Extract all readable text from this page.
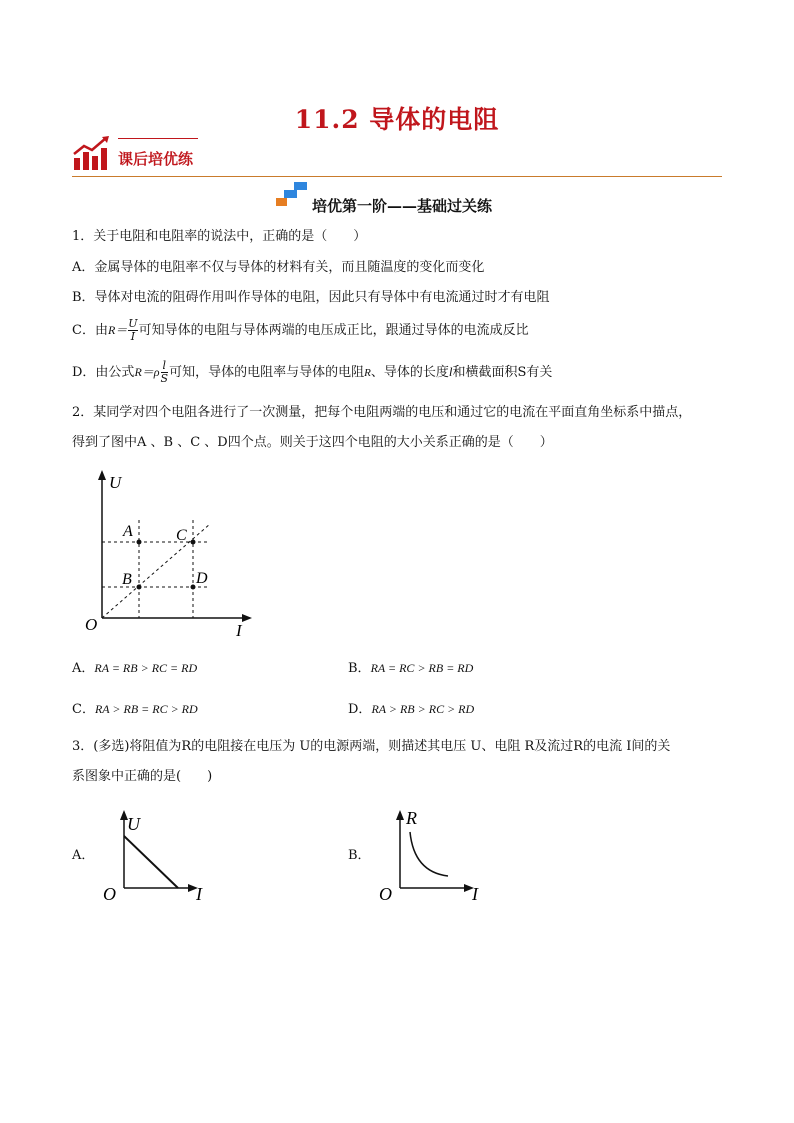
11.2 导体的电阻
课后培优练
培优第一阶——基础过关练
1．关于电阻和电阻率的说法中，正确的是（　　）
A．金属导体的电阻率不仅与导体的材料有关，而且随温度的变化而变化
B．导体对电流的阻碍作用叫作导体的电阻，因此只有导体中有电流通过时才有电阻
C．由$R= \frac{U}{I}$ 可知导体的电阻与导体两端的电压成正比，跟通过导体的电流成反比
D．由公式$R=\rho \frac{l}{S}$ 可知，导体的电阻率与导体的电阻R、导体的长度l和横截面积S有关
2．某同学对四个电阻各进行了一次测量，把每个电阻两端的电压和通过它的电流在平面直角坐标系中描点，
得到了图中A 、B 、C 、D四个点。则关于这四个电阻的大小关系正确的是（　　）
U
I
O
A
B
C
D
A．RA = RB > RC = RD	B．RA = RC > RB = RD
C．RA > RB = RC > RD	D．RA > RB > RC > RD
3．(多选)将阻值为R的电阻接在电压为 U的电源两端，则描述其电压 U、电阻 R及流过R的电流 I间的关
系图象中正确的是(　　)
A．
U
I
O
B．
R
I
O
